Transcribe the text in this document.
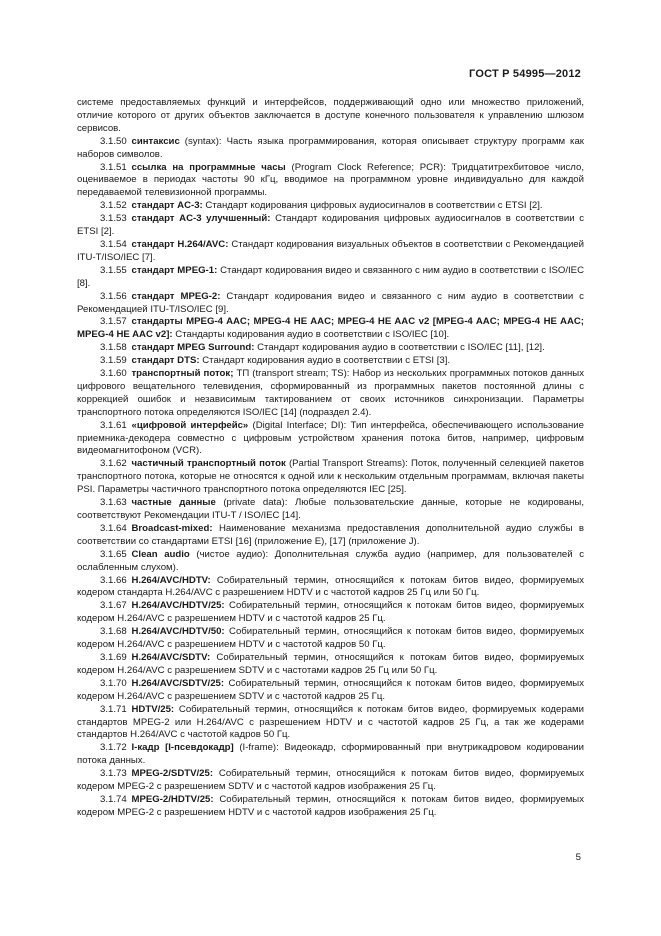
ГОСТ Р 54995—2012

системе предоставляемых функций и интерфейсов, поддерживающий одно или множество приложений, отличие которого от других объектов заключается в доступе конечного пользователя к управлению шлюзом сервисов.

3.1.50  синтаксис (syntax): Часть языка программирования, которая описывает структуру программ как наборов символов.

3.1.51  ссылка на программные часы (Program Clock Reference; PCR): Тридцатитрехбитовое число, оцениваемое в периодах частоты 90 кГц, вводимое на программном уровне индивидуально для каждой передаваемой телевизионной программы.

3.1.52  стандарт AC-3: Стандарт кодирования цифровых аудиосигналов в соответствии с ETSI [2].

3.1.53  стандарт AC-3 улучшенный: Стандарт кодирования цифровых аудиосигналов в соответствии с ETSI [2].

3.1.54  стандарт H.264/AVC: Стандарт кодирования визуальных объектов в соответствии с Рекомендацией ITU-T/ISO/IEC [7].

3.1.55  стандарт MPEG-1: Стандарт кодирования видео и связанного с ним аудио в соответствии с ISO/IEC [8].

3.1.56  стандарт MPEG-2: Стандарт кодирования видео и связанного с ним аудио в соответствии с Рекомендацией ITU-T/ISO/IEC [9].

3.1.57  стандарты MPEG-4 AAC; MPEG-4 HE AAC; MPEG-4 HE AAC v2 [MPEG-4 AAC; MPEG-4 HE AAC; MPEG-4 HE AAC v2]: Стандарты кодирования аудио в соответствии с ISO/IEC [10].

3.1.58  стандарт MPEG Surround: Стандарт кодирования аудио в соответствии с ISO/IEC [11], [12].

3.1.59  стандарт DTS: Стандарт кодирования аудио в соответствии с ETSI [3].

3.1.60  транспортный поток; ТП (transport stream; TS): Набор из нескольких программных потоков данных цифрового вещательного телевидения, сформированный из программных пакетов постоянной длины с коррекцией ошибок и независимым тактированием от своих источников синхронизации. Параметры транспортного потока определяются ISO/IEC [14] (подраздел 2.4).

3.1.61  «цифровой интерфейс» (Digital Interface; DI): Тип интерфейса, обеспечивающего использование приемника-декодера совместно с цифровым устройством хранения потока битов, например, цифровым видеомагнитофоном (VCR).

3.1.62  частичный транспортный поток (Partial Transport Streams): Поток, полученный селекцией пакетов транспортного потока, которые не относятся к одной или к нескольким отдельным программам, включая пакеты PSI. Параметры частичного транспортного потока определяются IEC [25].

3.1.63  частные данные (private data): Любые пользовательские данные, которые не кодированы, соответствуют Рекомендации ITU-T / ISO/IEC [14].

3.1.64  Broadcast-mixed: Наименование механизма предоставления дополнительной аудио службы в соответствии со стандартами ETSI [16] (приложение E), [17] (приложение J).

3.1.65  Clean audio (чистое аудио): Дополнительная служба аудио (например, для пользователей с ослабленным слухом).

3.1.66  H.264/AVC/HDTV: Собирательный термин, относящийся к потокам битов видео, формируемых кодером стандарта H.264/AVC с разрешением HDTV и с частотой кадров 25 Гц или 50 Гц.

3.1.67  H.264/AVC/HDTV/25: Собирательный термин, относящийся к потокам битов видео, формируемых кодером H.264/AVC с разрешением HDTV и с частотой кадров 25 Гц.

3.1.68  H.264/AVC/HDTV/50: Собирательный термин, относящийся к потокам битов видео, формируемых кодером H.264/AVC с разрешением HDTV и с частотой кадров 50 Гц.

3.1.69  H.264/AVC/SDTV: Собирательный термин, относящийся к потокам битов видео, формируемых кодером H.264/AVC с разрешением SDTV и с частотами кадров 25 Гц или 50 Гц.

3.1.70  H.264/AVC/SDTV/25: Собирательный термин, относящийся к потокам битов видео, формируемых кодером H.264/AVC с разрешением SDTV и с частотой кадров 25 Гц.

3.1.71  HDTV/25: Собирательный термин, относящийся к потокам битов видео, формируемых кодерами стандартов MPEG-2 или H.264/AVC с разрешением HDTV и с частотой кадров 25 Гц, а так же кодерами стандартов H.264/AVC с частотой кадров 50 Гц.

3.1.72  I-кадр [I-псевдокадр] (I-frame): Видеокадр, сформированный при внутрикадровом кодировании потока данных.

3.1.73  MPEG-2/SDTV/25: Собирательный термин, относящийся к потокам битов видео, формируемых кодером MPEG-2 с разрешением SDTV и с частотой кадров изображения 25 Гц.

3.1.74  MPEG-2/HDTV/25: Собирательный термин, относящийся к потокам битов видео, формируемых кодером MPEG-2 с разрешением HDTV и с частотой кадров изображения 25 Гц.

5
